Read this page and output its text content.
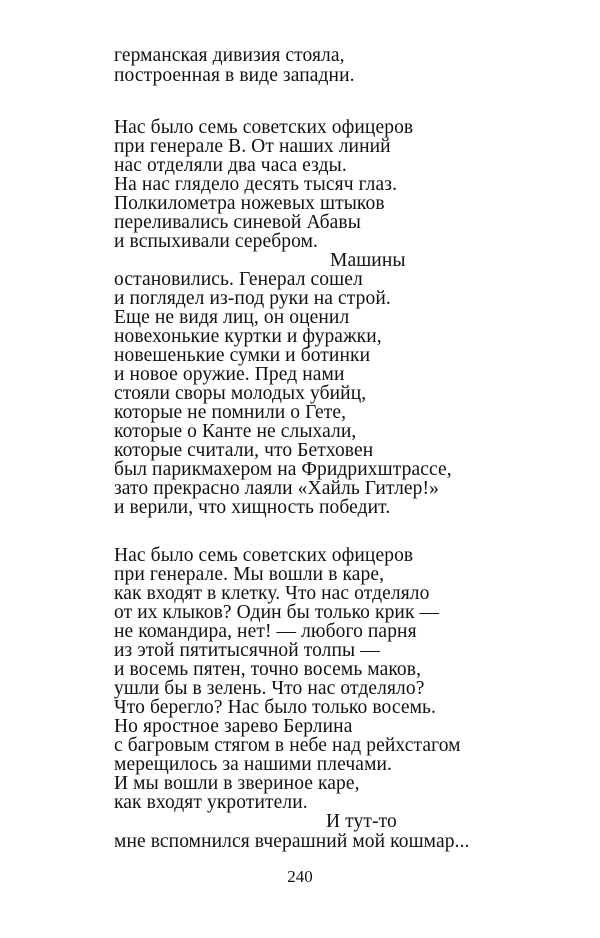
германская дивизия стояла,
построенная в виде западни.
Нас было семь советских офицеров
при генерале В. От наших линий
нас отделяли два часа езды.
На нас глядело десять тысяч глаз.
Полкилометра ножевых штыков
переливались синевой Абавы
и вспыхивали серебром.
Машины
остановились. Генерал сошел
и поглядел из-под руки на строй.
Еще не видя лиц, он оценил
новехонькие куртки и фуражки,
новешенькие сумки и ботинки
и новое оружие. Пред нами
стояли своры молодых убийц,
которые не помнили о Гете,
которые о Канте не слыхали,
которые считали, что Бетховен
был парикмахером на Фридрихштрассе,
зато прекрасно лаяли «Хайль Гитлер!»
и верили, что хищность победит.
Нас было семь советских офицеров
при генерале. Мы вошли в каре,
как входят в клетку. Что нас отделяло
от их клыков? Один бы только крик —
не командира, нет! — любого парня
из этой пятитысячной толпы —
и восемь пятен, точно восемь маков,
ушли бы в зелень. Что нас отделяло?
Что берегло? Нас было только восемь.
Но яростное зарево Берлина
с багровым стягом в небе над рейхстагом
мерещилось за нашими плечами.
И мы вошли в звериное каре,
как входят укротители.
И тут-то
мне вспомнился вчерашний мой кошмар...
240
